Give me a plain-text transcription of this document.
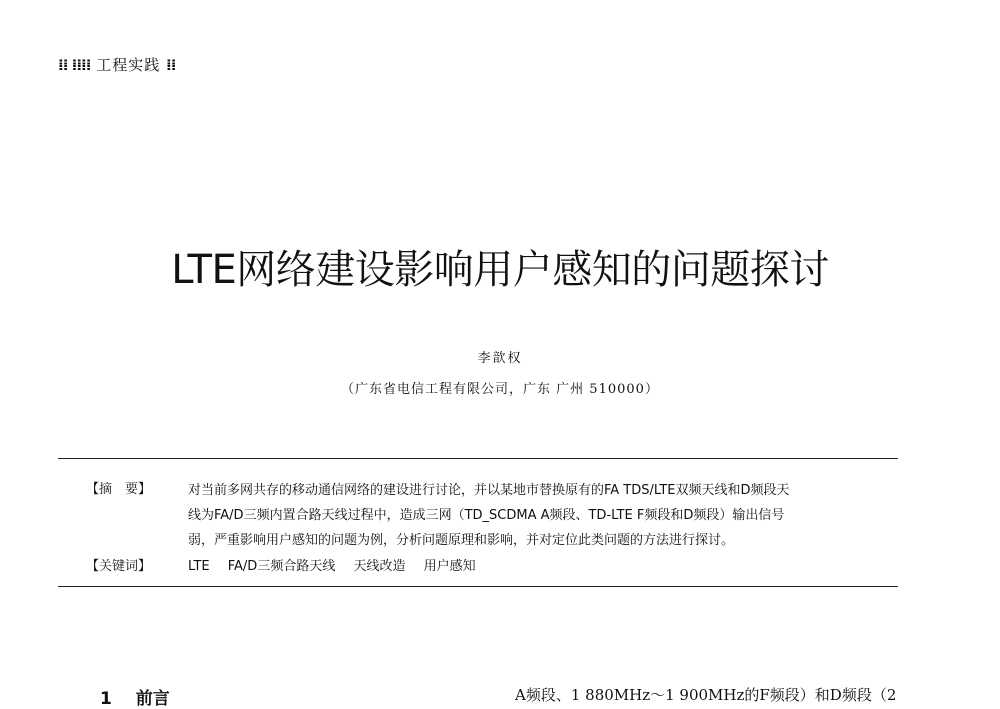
⁞⁞ ⁞⁞⁞⁞ 工程实践 ⁞⁞
LTE网络建设影响用户感知的问题探讨
李歆权
（广东省电信工程有限公司，广东 广州 510000）
【摘　要】	对当前多网共存的移动通信网络的建设进行讨论，并以某地市替换原有的FA TDS/LTE双频天线和D频段天
线为FA/D三频内置合路天线过程中，造成三网（TD_SCDMA A频段、TD-LTE F频段和D频段）输出信号
弱，严重影响用户感知的问题为例，分析问题原理和影响，并对定位此类问题的方法进行探讨。
【关键词】	LTE FA/D三频合路天线 天线改造 用户感知
1 前言	A频段、1 880MHz～1 900MHz的F频段）和D频段（2
